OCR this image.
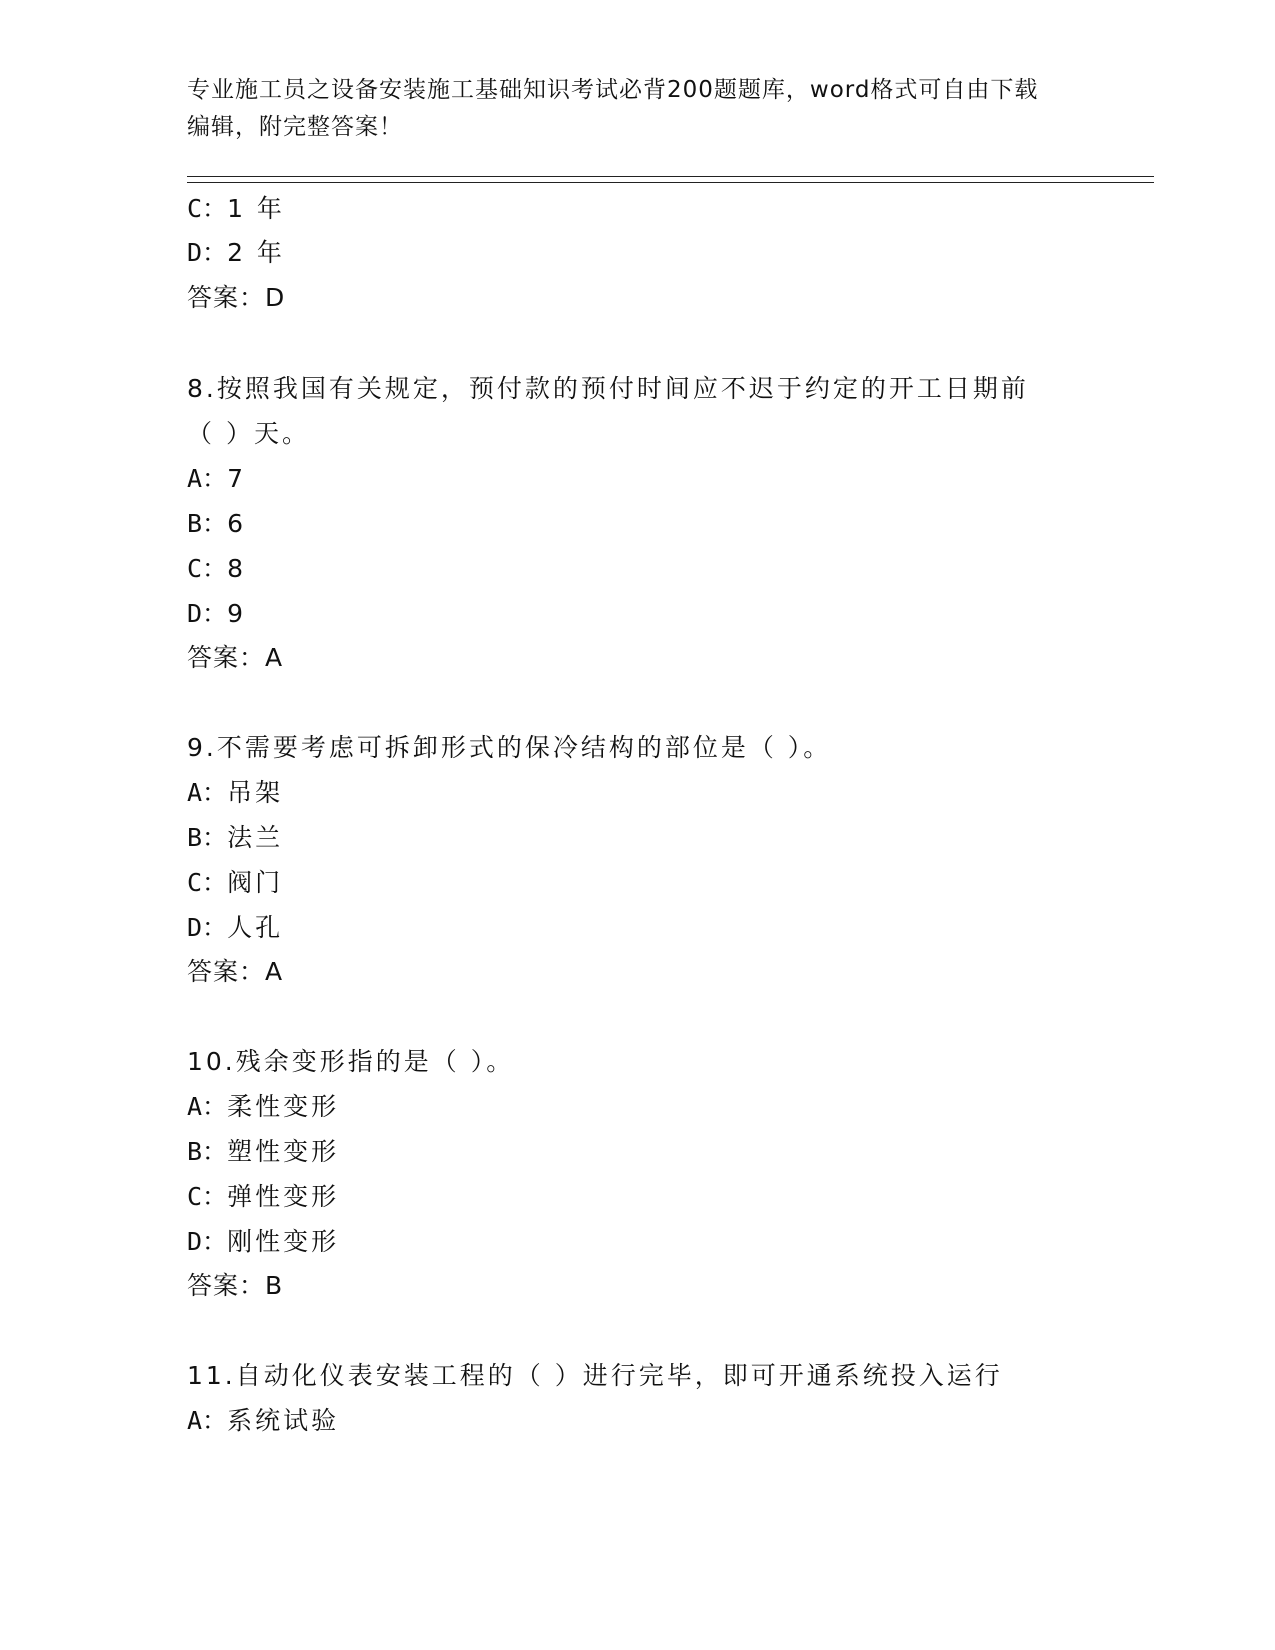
专业施工员之设备安装施工基础知识考试必背200题题库，word格式可自由下载
编辑，附完整答案！
C：1 年
D：2 年
答案：D
8.按照我国有关规定，预付款的预付时间应不迟于约定的开工日期前
（ ）天。
A：7
B：6
C：8
D：9
答案：A
9.不需要考虑可拆卸形式的保冷结构的部位是（ ）。
A：吊架
B：法兰
C：阀门
D：人孔
答案：A
10.残余变形指的是（ ）。
A：柔性变形
B：塑性变形
C：弹性变形
D：刚性变形
答案：B
11.自动化仪表安装工程的（ ）进行完毕，即可开通系统投入运行
A：系统试验
